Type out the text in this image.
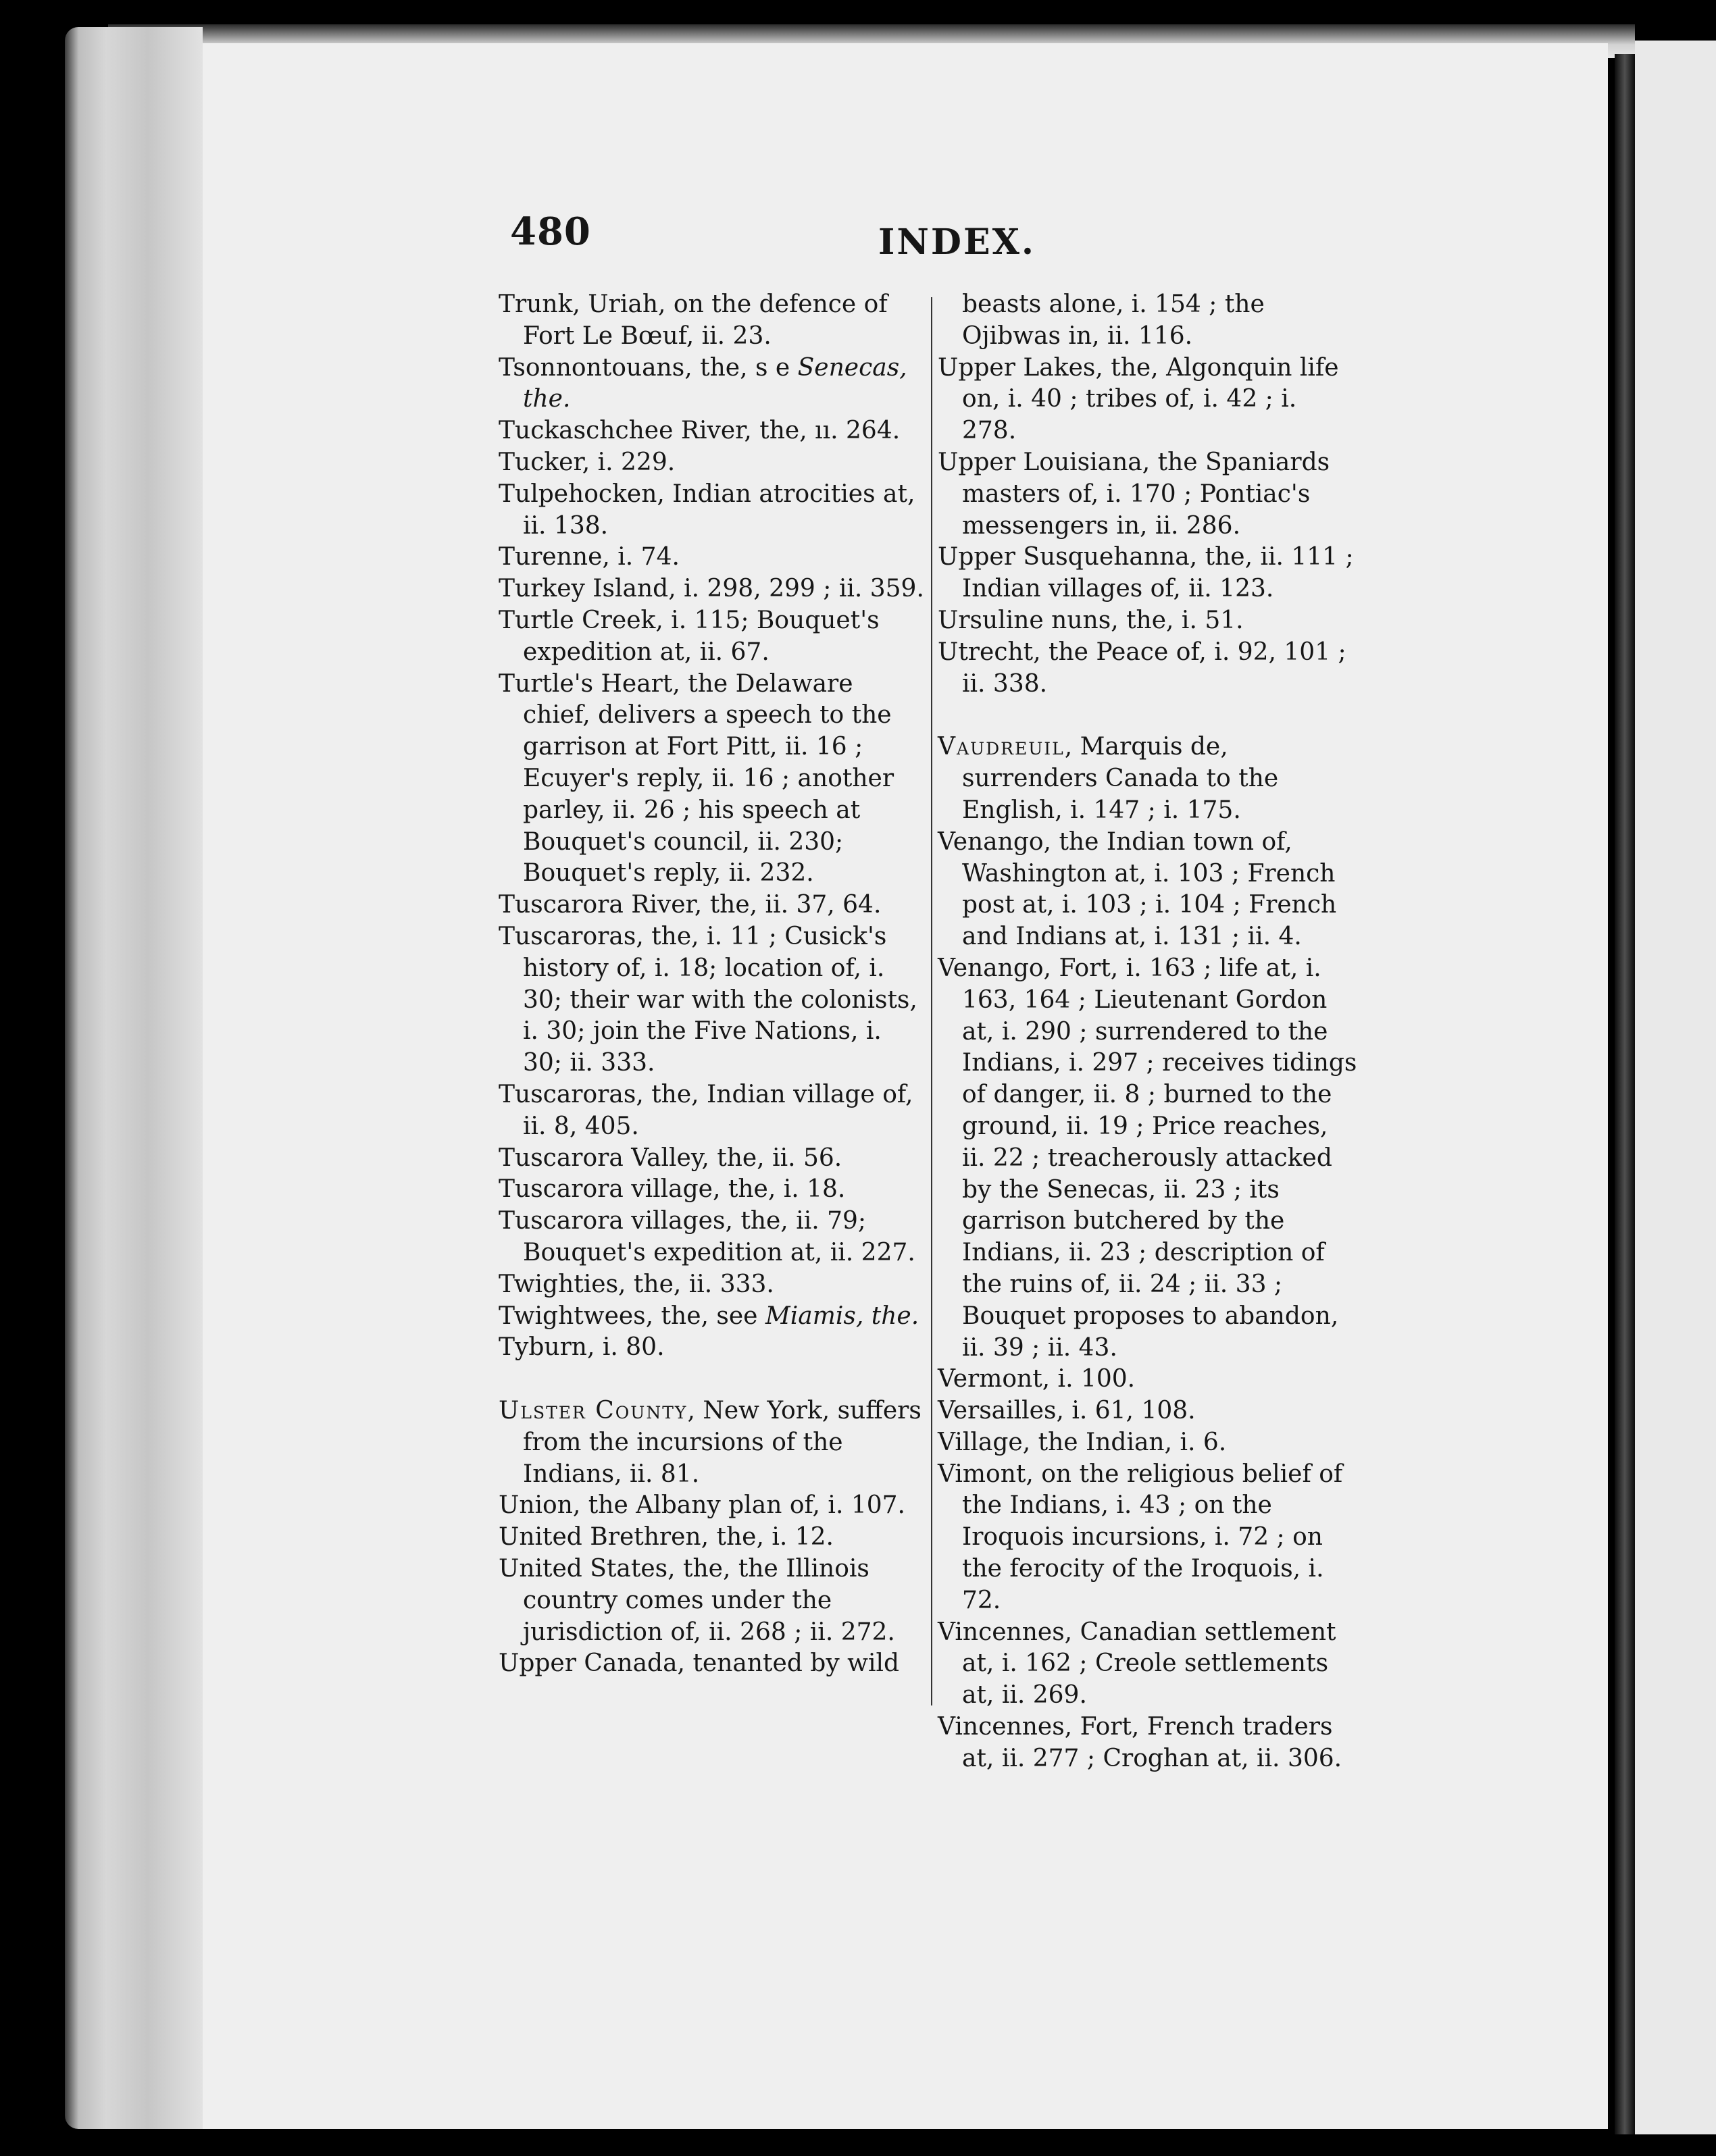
480	INDEX.
Trunk, Uriah, on the defence of Fort Le Bœuf, ii. 23.
Tsonnontouans, the, s e Senecas, the.
Tuckaschchee River, the, ıı. 264.
Tucker, i. 229.
Tulpehocken, Indian atrocities at, ii. 138.
Turenne, i. 74.
Turkey Island, i. 298, 299 ; ii. 359.
Turtle Creek, i. 115; Bouquet's expedition at, ii. 67.
Turtle's Heart, the Delaware chief, delivers a speech to the garrison at Fort Pitt, ii. 16 ; Ecuyer's reply, ii. 16 ; another parley, ii. 26 ; his speech at Bouquet's council, ii. 230; Bouquet's reply, ii. 232.
Tuscarora River, the, ii. 37, 64.
Tuscaroras, the, i. 11 ; Cusick's history of, i. 18; location of, i. 30; their war with the colonists, i. 30; join the Five Nations, i. 30; ii. 333.
Tuscaroras, the, Indian village of, ii. 8, 405.
Tuscarora Valley, the, ii. 56.
Tuscarora village, the, i. 18.
Tuscarora villages, the, ii. 79; Bouquet's expedition at, ii. 227.
Twighties, the, ii. 333.
Twightwees, the, see Miamis, the.
Tyburn, i. 80.
Ulster County, New York, suffers from the incursions of the Indians, ii. 81.
Union, the Albany plan of, i. 107.
United Brethren, the, i. 12.
United States, the, the Illinois country comes under the jurisdiction of, ii. 268 ; ii. 272.
Upper Canada, tenanted by wild
beasts alone, i. 154 ; the Ojibwas in, ii. 116.
Upper Lakes, the, Algonquin life on, i. 40 ; tribes of, i. 42 ; i. 278.
Upper Louisiana, the Spaniards masters of, i. 170 ; Pontiac's messengers in, ii. 286.
Upper Susquehanna, the, ii. 111 ; Indian villages of, ii. 123.
Ursuline nuns, the, i. 51.
Utrecht, the Peace of, i. 92, 101 ; ii. 338.
Vaudreuil, Marquis de, surrenders Canada to the English, i. 147 ; i. 175.
Venango, the Indian town of, Washington at, i. 103 ; French post at, i. 103 ; i. 104 ; French and Indians at, i. 131 ; ii. 4.
Venango, Fort, i. 163 ; life at, i. 163, 164 ; Lieutenant Gordon at, i. 290 ; surrendered to the Indians, i. 297 ; receives tidings of danger, ii. 8 ; burned to the ground, ii. 19 ; Price reaches, ii. 22 ; treacherously attacked by the Senecas, ii. 23 ; its garrison butchered by the Indians, ii. 23 ; description of the ruins of, ii. 24 ; ii. 33 ; Bouquet proposes to abandon, ii. 39 ; ii. 43.
Vermont, i. 100.
Versailles, i. 61, 108.
Village, the Indian, i. 6.
Vimont, on the religious belief of the Indians, i. 43 ; on the Iroquois incursions, i. 72 ; on the ferocity of the Iroquois, i. 72.
Vincennes, Canadian settlement at, i. 162 ; Creole settlements at, ii. 269.
Vincennes, Fort, French traders at, ii. 277 ; Croghan at, ii. 306.
